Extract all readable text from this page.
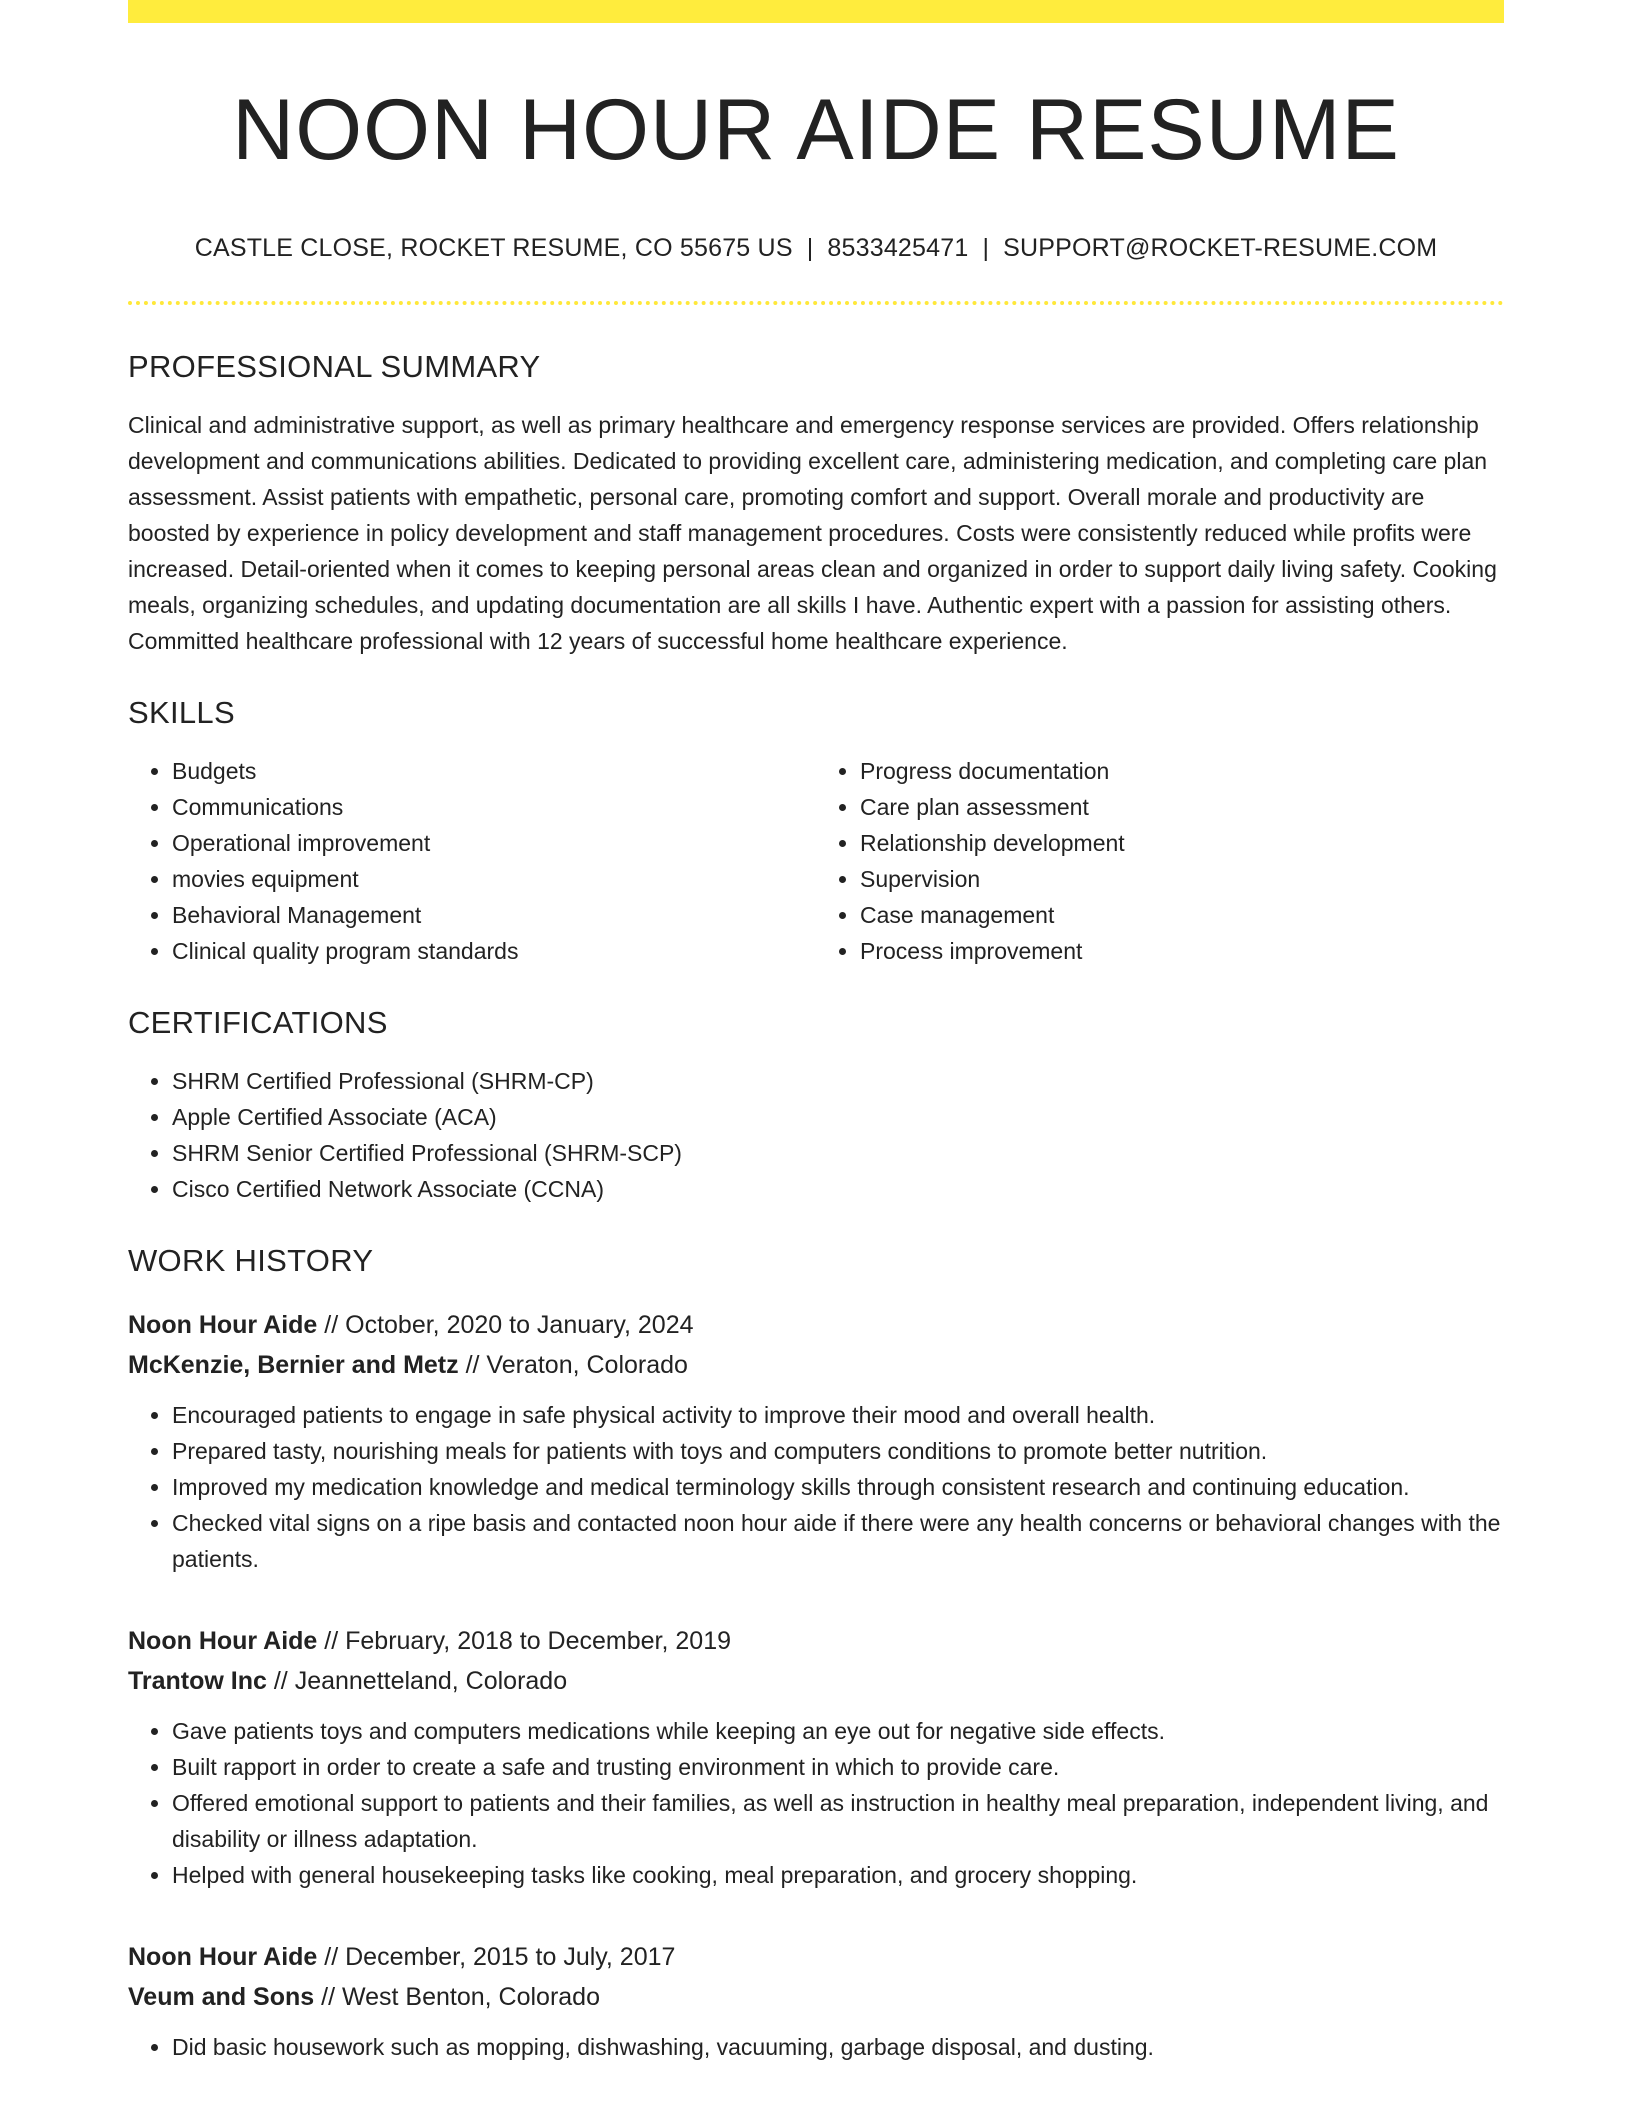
NOON HOUR AIDE RESUME
CASTLE CLOSE, ROCKET RESUME, CO 55675 US | 8533425471 | SUPPORT@ROCKET-RESUME.COM
PROFESSIONAL SUMMARY

Clinical and administrative support, as well as primary healthcare and emergency response services are provided. Offers relationship development and communications abilities. Dedicated to providing excellent care, administering medication, and completing care plan assessment. Assist patients with empathetic, personal care, promoting comfort and support. Overall morale and productivity are boosted by experience in policy development and staff management procedures. Costs were consistently reduced while profits were increased. Detail-oriented when it comes to keeping personal areas clean and organized in order to support daily living safety. Cooking meals, organizing schedules, and updating documentation are all skills I have. Authentic expert with a passion for assisting others. Committed healthcare professional with 12 years of successful home healthcare experience.

SKILLS
• Budgets
• Communications
• Operational improvement
• movies equipment
• Behavioral Management
• Clinical quality program standards
• Progress documentation
• Care plan assessment
• Relationship development
• Supervision
• Case management
• Process improvement
CERTIFICATIONS
• SHRM Certified Professional (SHRM-CP)
• Apple Certified Associate (ACA)
• SHRM Senior Certified Professional (SHRM-SCP)
• Cisco Certified Network Associate (CCNA)
WORK HISTORY
Noon Hour Aide // October, 2020 to January, 2024
McKenzie, Bernier and Metz // Veraton, Colorado
• Encouraged patients to engage in safe physical activity to improve their mood and overall health.
• Prepared tasty, nourishing meals for patients with toys and computers conditions to promote better nutrition.
• Improved my medication knowledge and medical terminology skills through consistent research and continuing education.
• Checked vital signs on a ripe basis and contacted noon hour aide if there were any health concerns or behavioral changes with the patients.
Noon Hour Aide // February, 2018 to December, 2019
Trantow Inc // Jeannetteland, Colorado
• Gave patients toys and computers medications while keeping an eye out for negative side effects.
• Built rapport in order to create a safe and trusting environment in which to provide care.
• Offered emotional support to patients and their families, as well as instruction in healthy meal preparation, independent living, and disability or illness adaptation.
• Helped with general housekeeping tasks like cooking, meal preparation, and grocery shopping.
Noon Hour Aide // December, 2015 to July, 2017
Veum and Sons // West Benton, Colorado
• Did basic housework such as mopping, dishwashing, vacuuming, garbage disposal, and dusting.
